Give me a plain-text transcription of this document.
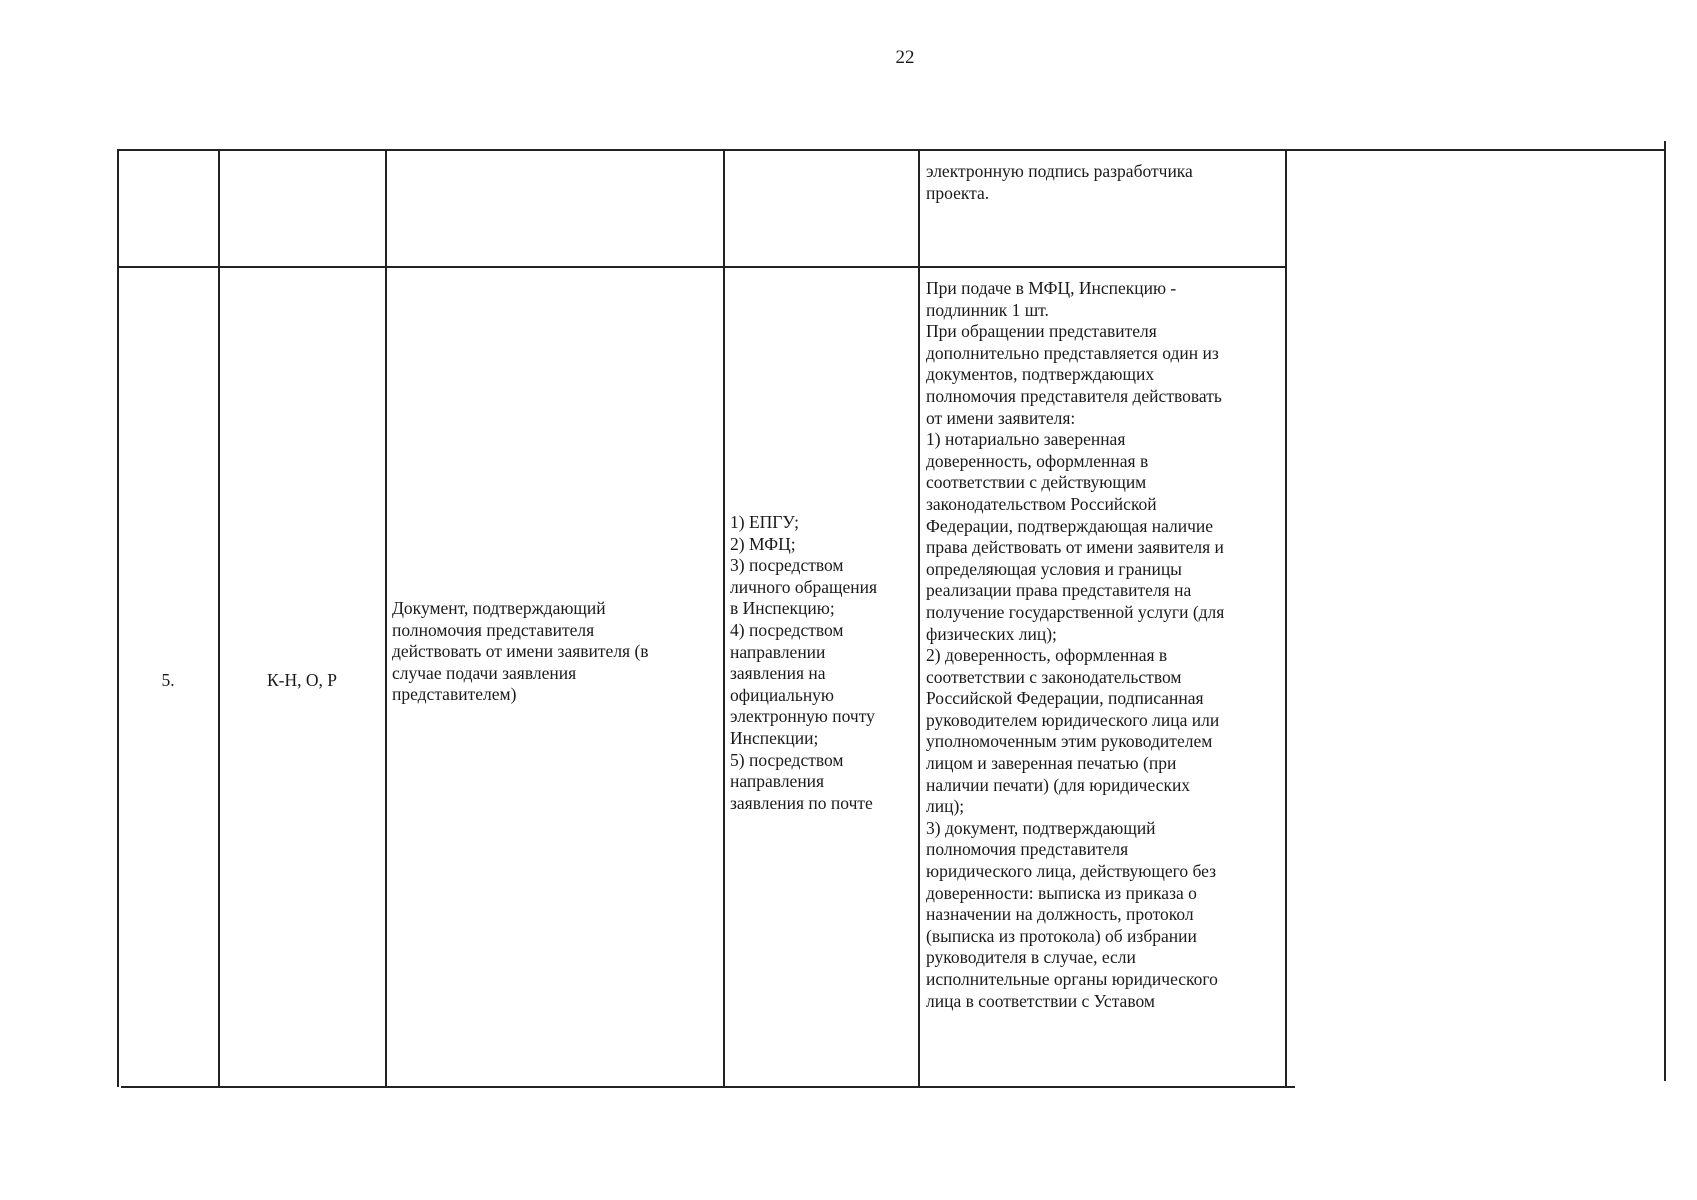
22
электронную подпись разработчика
проекта.
5.	К-Н, О, Р
Документ, подтверждающий
полномочия представителя
действовать от имени заявителя (в
случае подачи заявления
представителем)
1) ЕПГУ;
2) МФЦ;
3) посредством
личного обращения
в Инспекцию;
4) посредством
направлении
заявления на
официальную
электронную почту
Инспекции;
5) посредством
направления
заявления по почте
При подаче в МФЦ, Инспекцию -
подлинник 1 шт.
При обращении представителя
дополнительно представляется один из
документов, подтверждающих
полномочия представителя действовать
от имени заявителя:
1) нотариально заверенная
доверенность, оформленная в
соответствии с действующим
законодательством Российской
Федерации, подтверждающая наличие
права действовать от имени заявителя и
определяющая условия и границы
реализации права представителя на
получение государственной услуги (для
физических лиц);
2) доверенность, оформленная в
соответствии с законодательством
Российской Федерации, подписанная
руководителем юридического лица или
уполномоченным этим руководителем
лицом и заверенная печатью (при
наличии печати) (для юридических
лиц);
3) документ, подтверждающий
полномочия представителя
юридического лица, действующего без
доверенности: выписка из приказа о
назначении на должность, протокол
(выписка из протокола) об избрании
руководителя в случае, если
исполнительные органы юридического
лица в соответствии с Уставом
